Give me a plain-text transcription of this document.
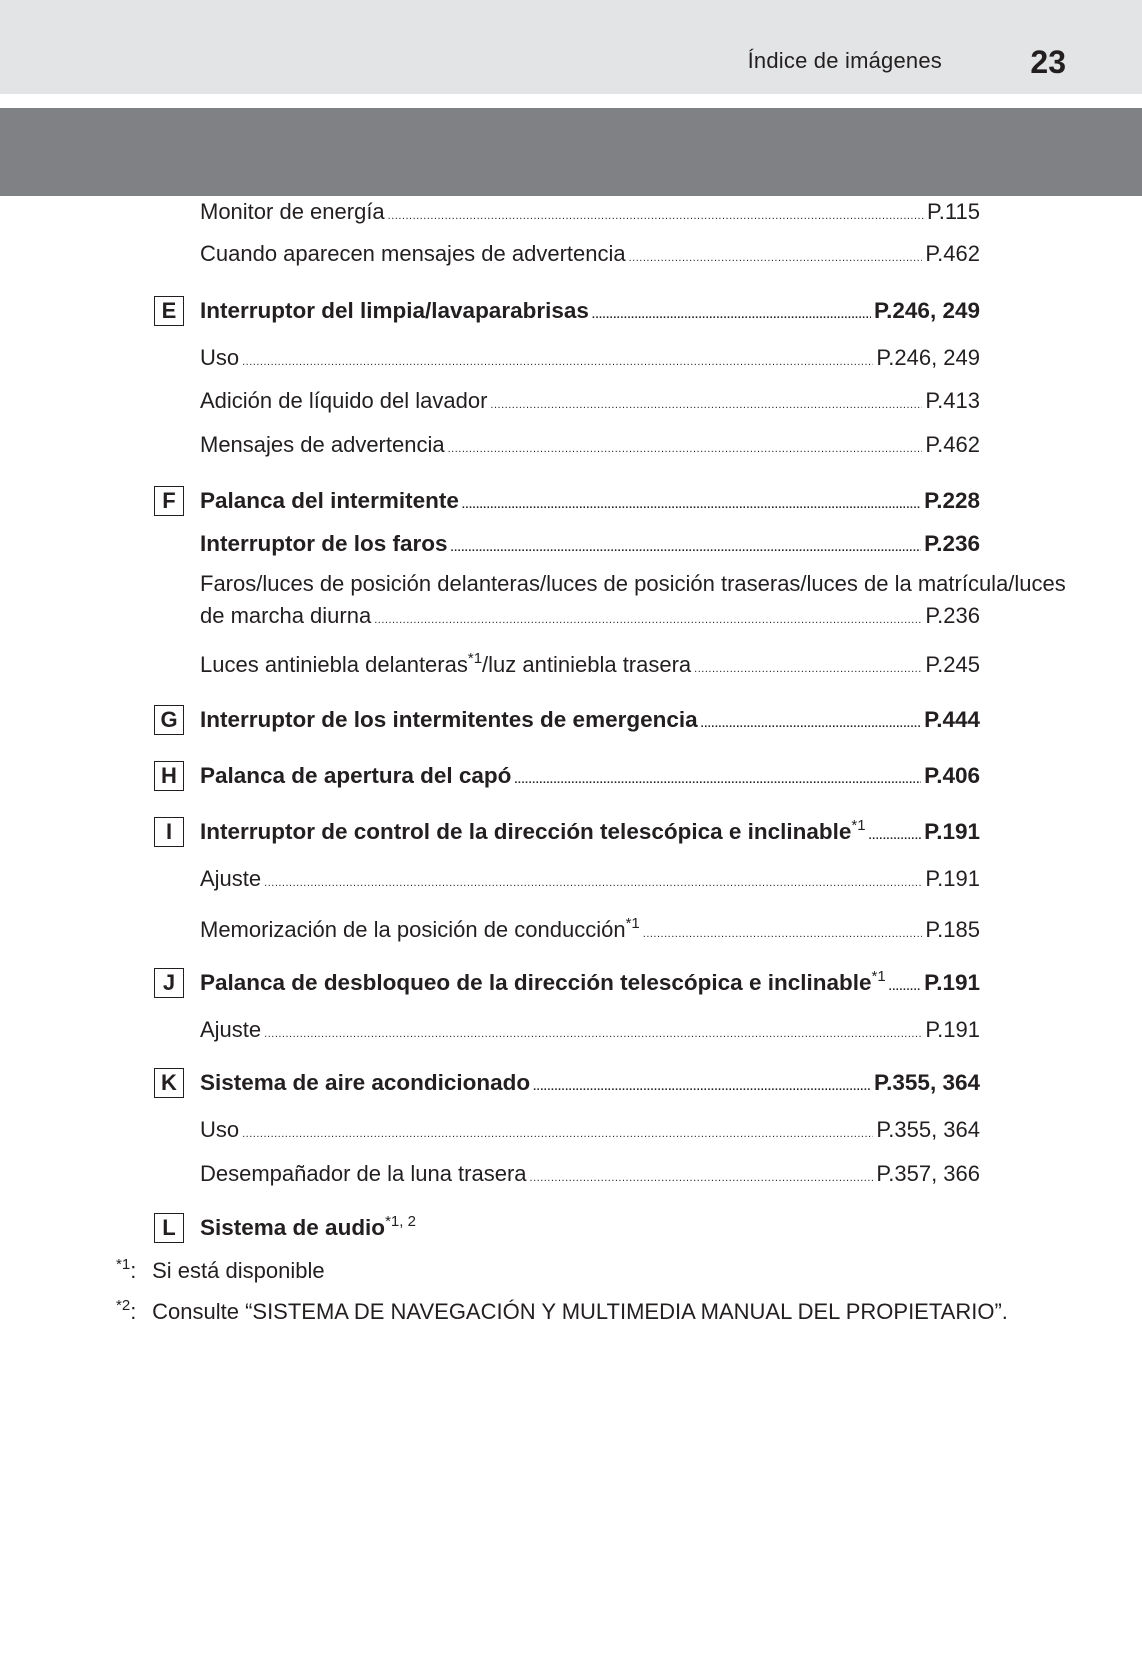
Índice de imágenes	23
Monitor de energía .....	P.115
Cuando aparecen mensajes de advertencia .....	P.462
E	Interruptor del limpia/lavaparabrisas .....	P.246, 249
Uso .....	P.246, 249
Adición de líquido del lavador .....	P.413
Mensajes de advertencia .....	P.462
F	Palanca del intermitente .....	P.228
Interruptor de los faros .....	P.236
Faros/luces de posición delanteras/luces de posición traseras/luces de la matrícula/luces
de marcha diurna .....	P.236
Luces antiniebla delanteras$^{*1}$/luz antiniebla trasera .....	P.245
G Interruptor de los intermitentes de emergencia .....	P.444
H	Palanca de apertura del capó .....	P.406
I	Interruptor de control de la dirección telescópica e inclinable$^{*1}$ .....	P.191
Ajuste .....	P.191
Memorización de la posición de conducción$^{*1}$ .....	P.185
J	Palanca de desbloqueo de la dirección telescópica e inclinable$^{*1}$ ..... P.191
Ajuste .....	P.191
K	Sistema de aire acondicionado .....	P.355, 364
Uso .....	P.355, 364
Desempañador de la luna trasera .....	P.357, 366
L	Sistema de audio$^{*1, 2}$
$^{*1}$: Si está disponible
$^{*2}$: Consulte “SISTEMA DE NAVEGACIÓN Y MULTIMEDIA MANUAL DEL PROPIETARIO”.
